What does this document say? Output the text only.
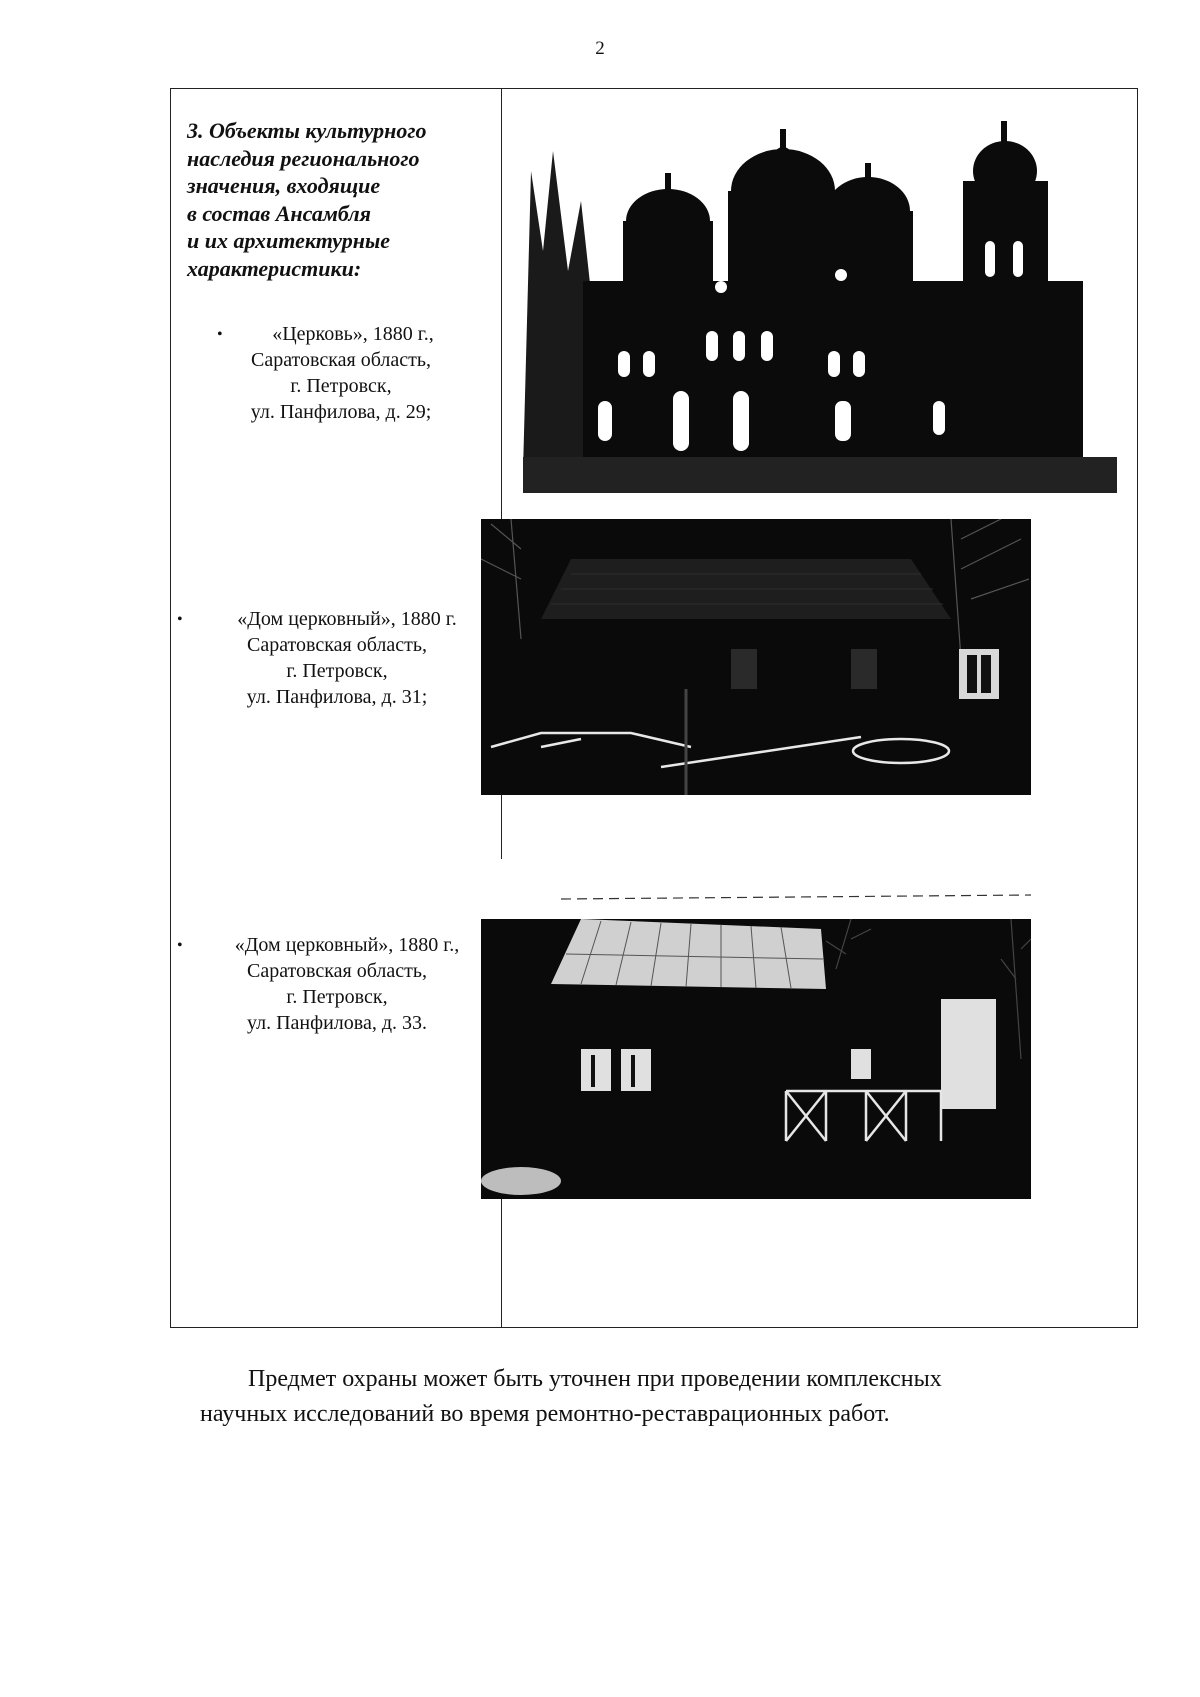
2
3. Объекты культурного
наследия регионального
значения, входящие
в состав Ансамбля
и их архитектурные
характеристики:
• «Церковь», 1880 г.,
Саратовская область,
г. Петровск,
ул. Панфилова, д. 29;
•	«Дом церковный», 1880 г.
Саратовская область,
г. Петровск,
ул. Панфилова, д. 31;
•	«Дом церковный», 1880 г.,
Саратовская область,
г. Петровск,
ул. Панфилова, д. 33.
Предмет охраны может быть уточнен при проведении комплексных
научных исследований во время ремонтно-реставрационных работ.
